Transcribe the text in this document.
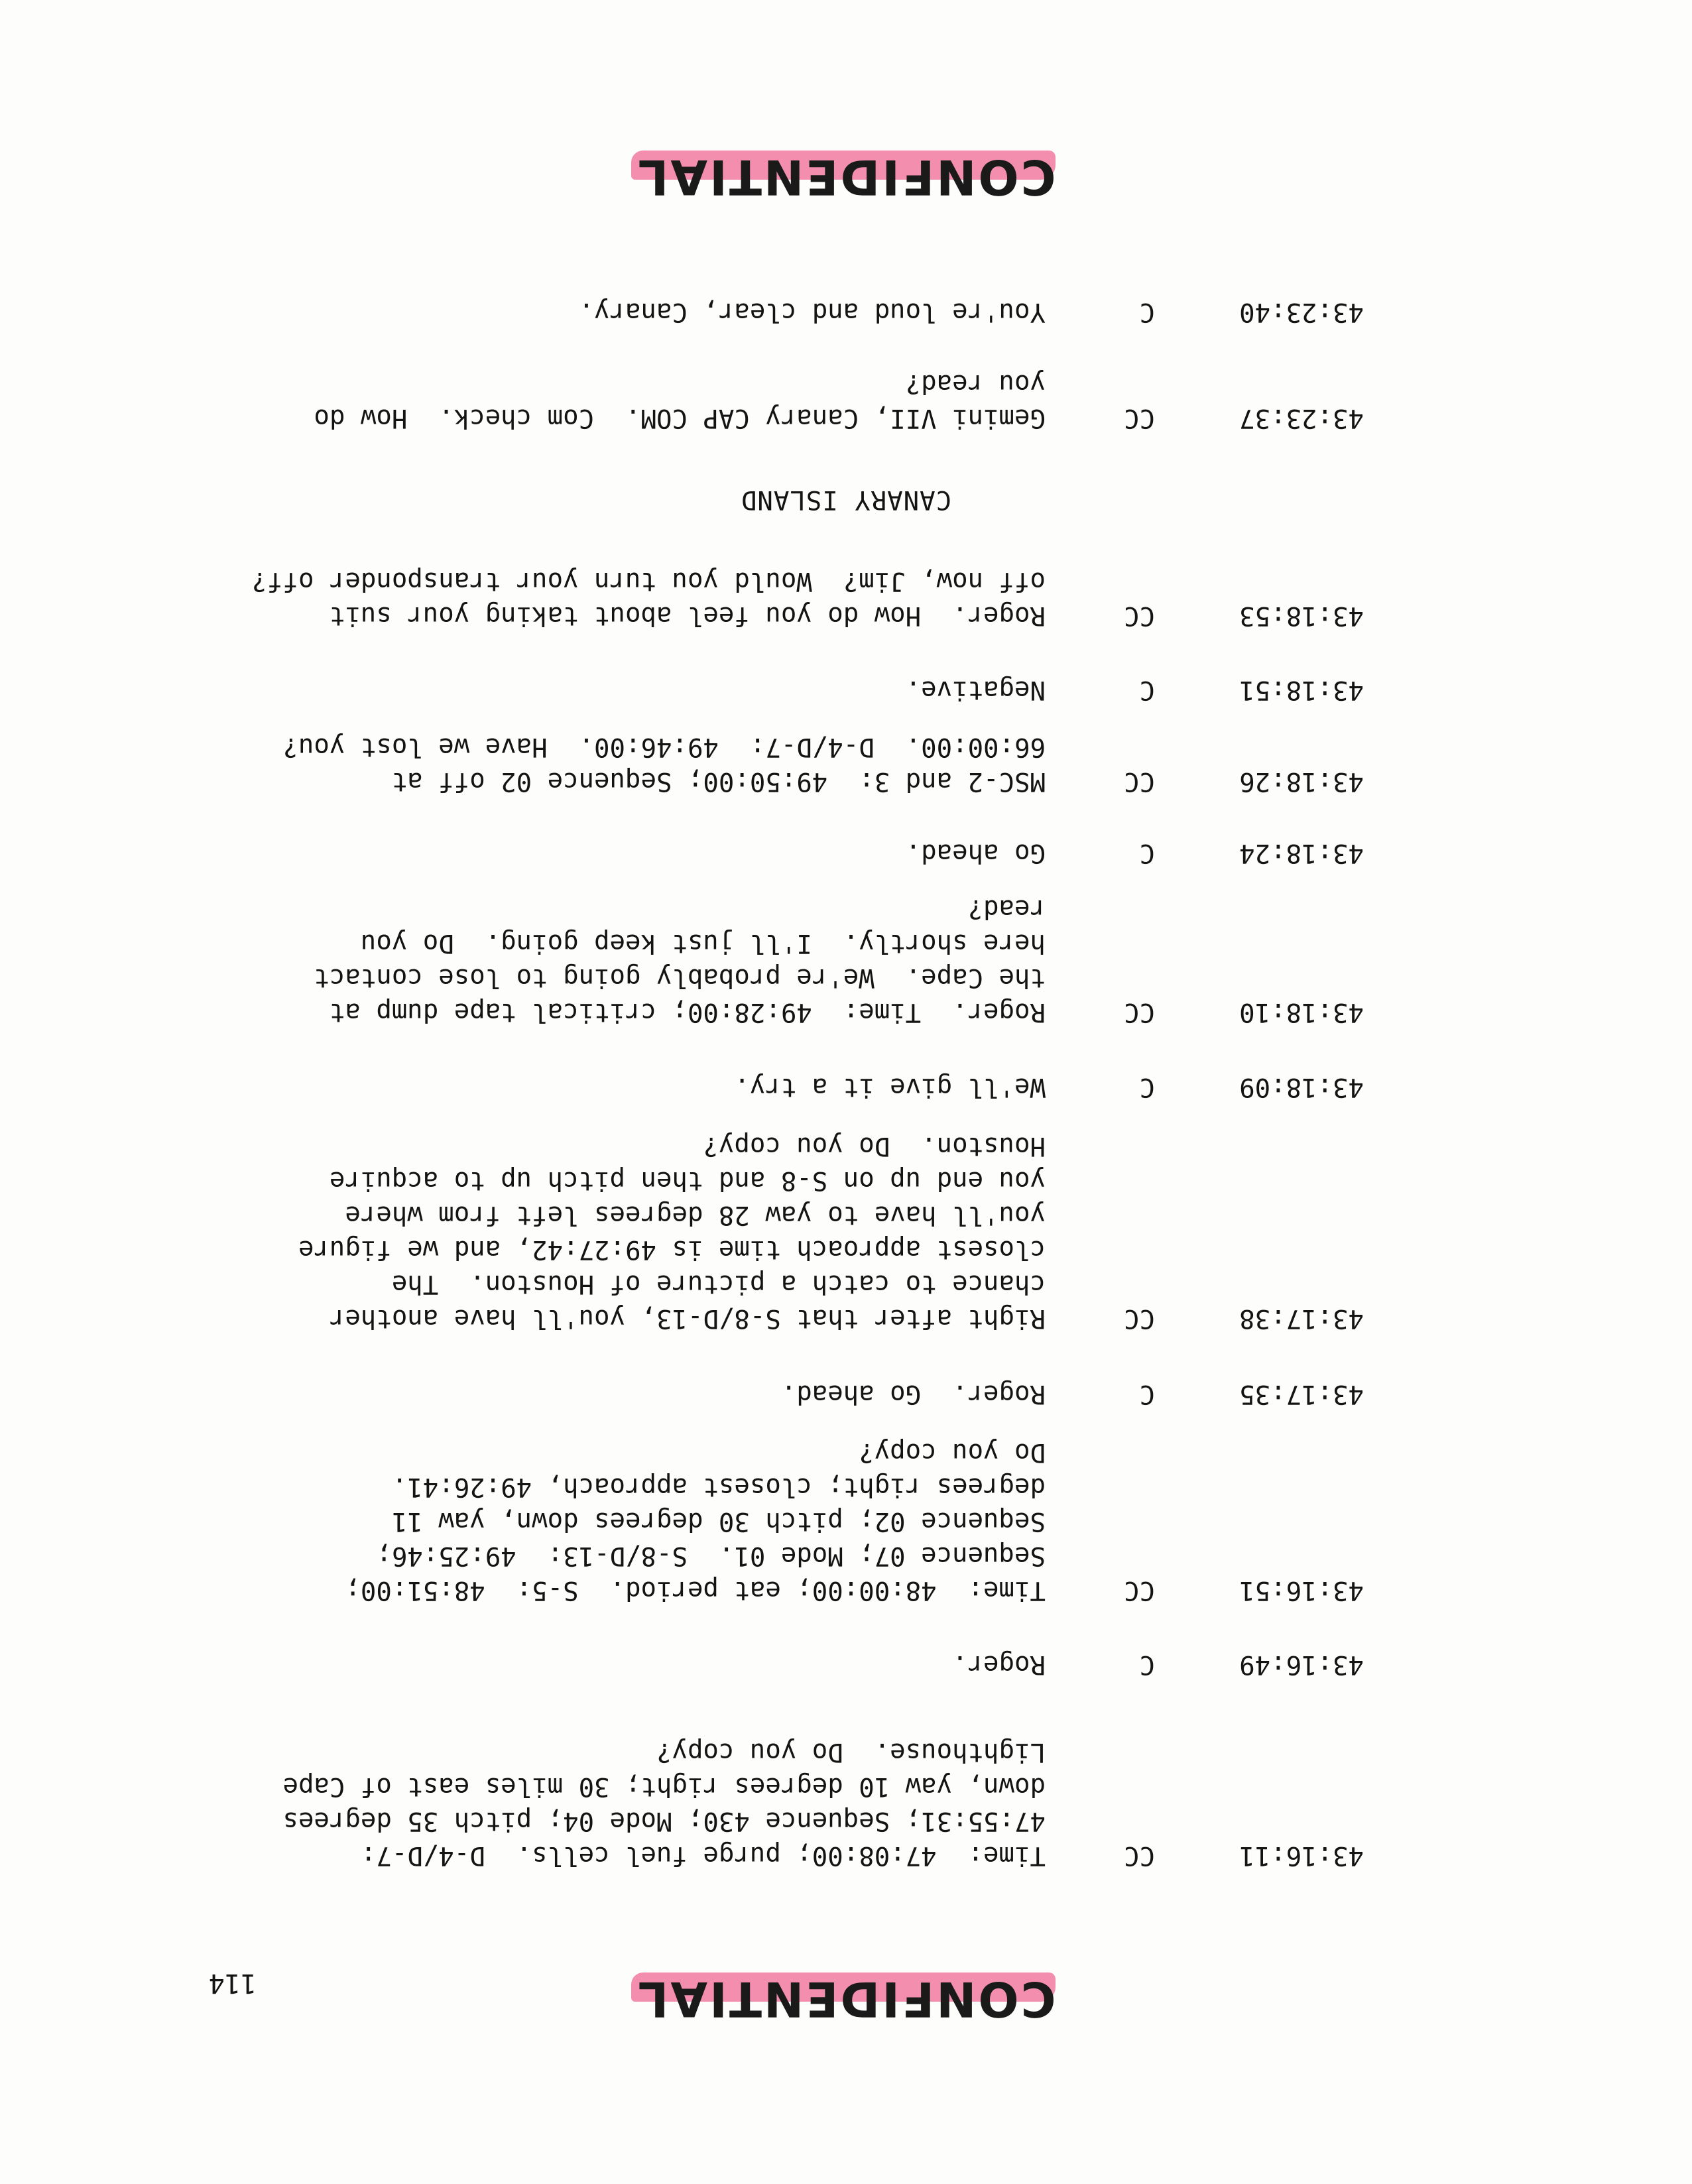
114	CONFIDENTIAL
43:16:11
CC
Time:  47:08:00; purge fuel cells.  D-4/D-7:
47:55:31; Sequence 430; Mode 04; pitch 35 degrees
down, yaw 10 degrees right; 30 miles east of Cape
Lighthouse.  Do you copy?
43:16:49
C
Roger.
43:16:51
CC
Time:  48:00:00; eat period.  S-5:  48:51:00;
Sequence 07; Mode 01.  S-8/D-13:  49:25:46;
Sequence 02; pitch 30 degrees down, yaw 11
degrees right; closest approach, 49:26:41.
Do you copy?
43:17:35
C
Roger.  Go ahead.
43:17:38
CC
Right after that S-8/D-13, you'll have another
chance to catch a picture of Houston.  The
closest approach time is 49:27:42, and we figure
you'll have to yaw 28 degrees left from where
you end up on S-8 and then pitch up to acquire
Houston.  Do you copy?
43:18:09
C
We'll give it a try.
43:18:10
CC
Roger.  Time:  49:28:00; critical tape dump at
the Cape.  We're probably going to lose contact
here shortly.  I'll just keep going.  Do you
read?
43:18:24
C
Go ahead.
43:18:26
CC
MSC-2 and 3:  49:50:00; Sequence 02 off at
66:00:00.  D-4/D-7:  49:46:00.  Have we lost you?
43:18:51
C
Negative.
43:18:53
CC
Roger.  How do you feel about taking your suit
off now, Jim?  Would you turn your transponder off?
CANARY ISLAND
43:23:37
CC
Gemini VII, Canary CAP COM.  Com check.  How do
you read?
43:23:40
C
You're loud and clear, Canary.
CONFIDENTIAL
